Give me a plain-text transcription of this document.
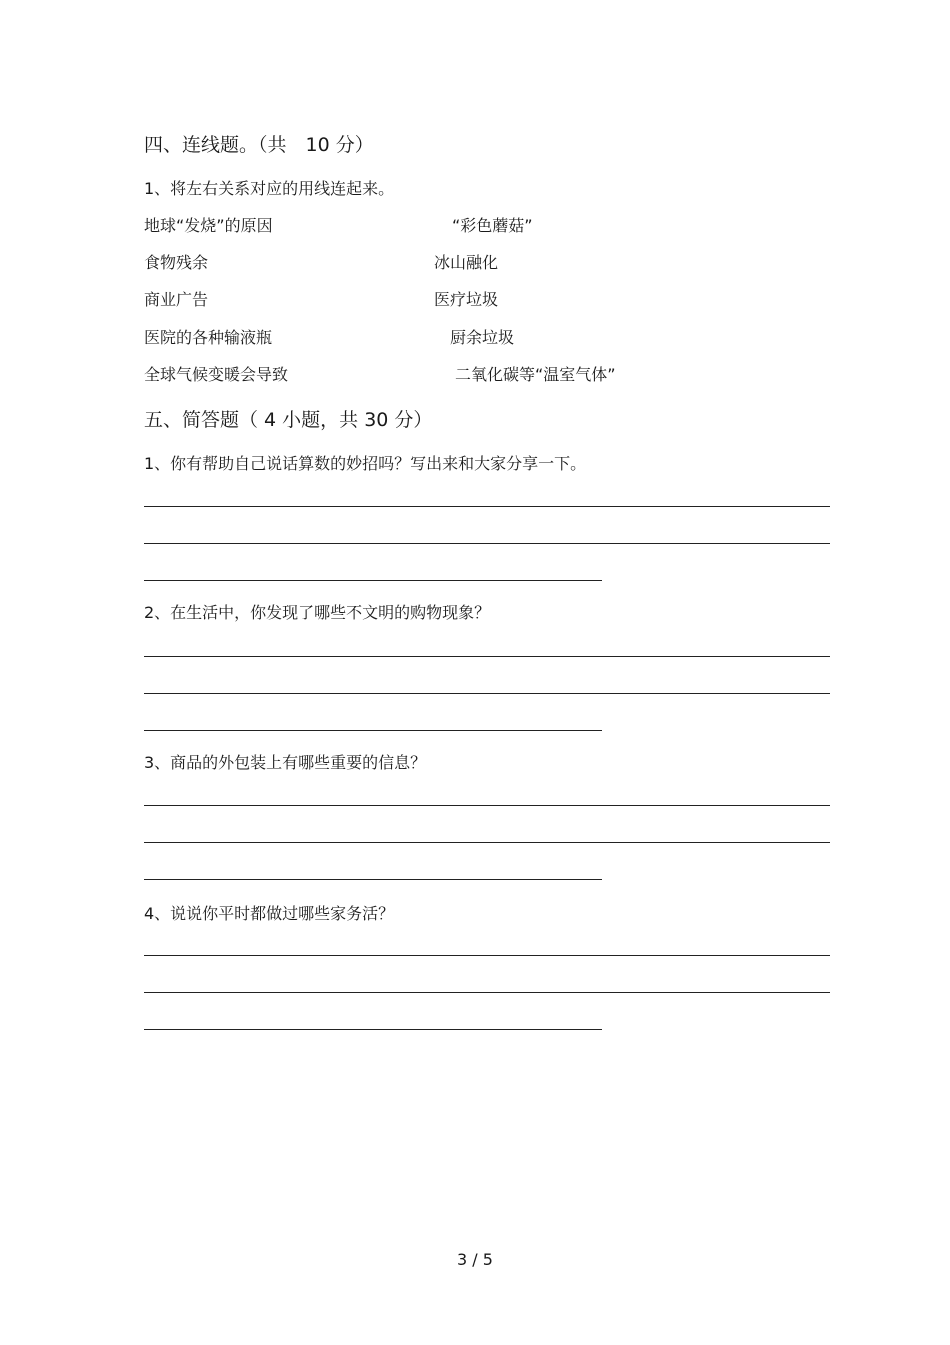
四、连线题。（共　10 分）
1、将左右关系对应的用线连起来。
地球“发烧”的原因
食物残余
商业广告
医院的各种输液瓶
全球气候变暖会导致
“彩色蘑菇”
冰山融化
医疗垃圾
厨余垃圾
二氧化碳等“温室气体”
五、简答题（ 4 小题，共 30 分）
1、你有帮助自己说话算数的妙招吗？写出来和大家分享一下。
2、在生活中，你发现了哪些不文明的购物现象？
3、商品的外包装上有哪些重要的信息？
4、说说你平时都做过哪些家务活？
3 / 5
